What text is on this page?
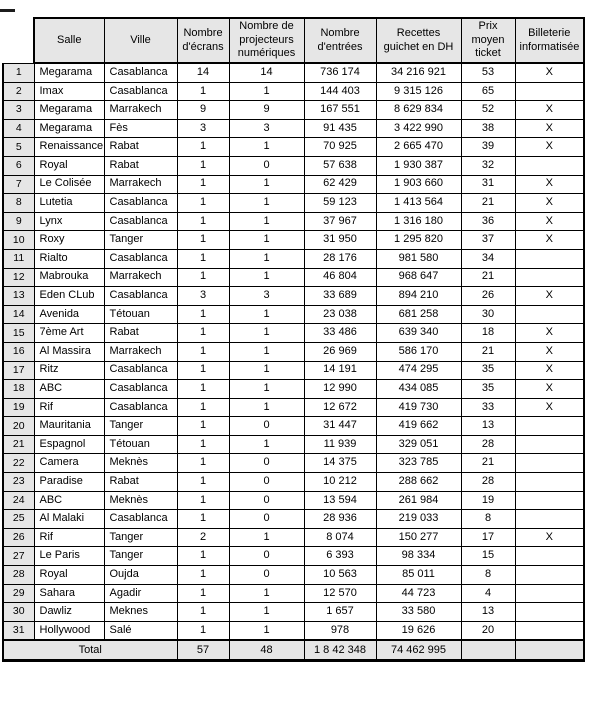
	Salle	Ville	Nombre d'écrans	Nombre de projecteurs numériques	Nombre d'entrées	Recettes guichet en DH	Prix moyen ticket	Billeterie informatisée
1	Megarama	Casablanca	14	14	736 174	34 216 921	53	X
2	Imax	Casablanca	1	1	144 403	9 315 126	65	
3	Megarama	Marrakech	9	9	167 551	8 629 834	52	X
4	Megarama	Fès	3	3	91 435	3 422 990	38	X
5	Renaissance	Rabat	1	1	70 925	2 665 470	39	X
6	Royal	Rabat	1	0	57 638	1 930 387	32	
7	Le Colisée	Marrakech	1	1	62 429	1 903 660	31	X
8	Lutetia	Casablanca	1	1	59 123	1 413 564	21	X
9	Lynx	Casablanca	1	1	37 967	1 316 180	36	X
10	Roxy	Tanger	1	1	31 950	1 295 820	37	X
11	Rialto	Casablanca	1	1	28 176	981 580	34	
12	Mabrouka	Marrakech	1	1	46 804	968 647	21	
13	Eden CLub	Casablanca	3	3	33 689	894 210	26	X
14	Avenida	Tétouan	1	1	23 038	681 258	30	
15	7ème Art	Rabat	1	1	33 486	639 340	18	X
16	Al Massira	Marrakech	1	1	26 969	586 170	21	X
17	Ritz	Casablanca	1	1	14 191	474 295	35	X
18	ABC	Casablanca	1	1	12 990	434 085	35	X
19	Rif	Casablanca	1	1	12 672	419 730	33	X
20	Mauritania	Tanger	1	0	31 447	419 662	13	
21	Espagnol	Tétouan	1	1	11 939	329 051	28	
22	Camera	Meknès	1	0	14 375	323 785	21	
23	Paradise	Rabat	1	0	10 212	288 662	28	
24	ABC	Meknès	1	0	13 594	261 984	19	
25	Al Malaki	Casablanca	1	0	28 936	219 033	8	
26	Rif	Tanger	2	1	8 074	150 277	17	X
27	Le Paris	Tanger	1	0	6 393	98 334	15	
28	Royal	Oujda	1	0	10 563	85 011	8	
29	Sahara	Agadir	1	1	12 570	44 723	4	
30	Dawliz	Meknes	1	1	1 657	33 580	13	
31	Hollywood	Salé	1	1	978	19 626	20	
Total			57	48	1 8 42 348	74 462 995		
